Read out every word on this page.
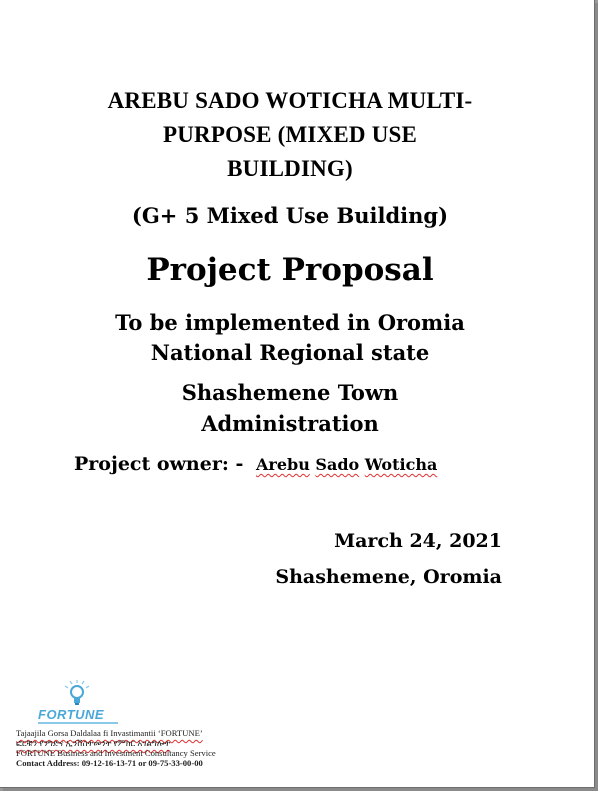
AREBU SADO WOTICHA MULTI-

PURPOSE (MIXED USE

BUILDING)

(G+ 5 Mixed Use Building)
Project Proposal
To be implemented in Oromia
National Regional state
Shashemene Town
Administration
Project owner: - Arebu Sado Woticha
March 24, 2021
Shashemene, Oromia
FORTUNE
Tajaajila Gorsa Daldalaa fi Invastimantii ‘FORTUNE’
ፎርቹን የንግድና ኢንቨስትመንት የምክር አገልግሎት
FORTUNE Business and Investment Consultancy Service
Contact Address: 09-12-16-13-71 or 09-75-33-00-00
